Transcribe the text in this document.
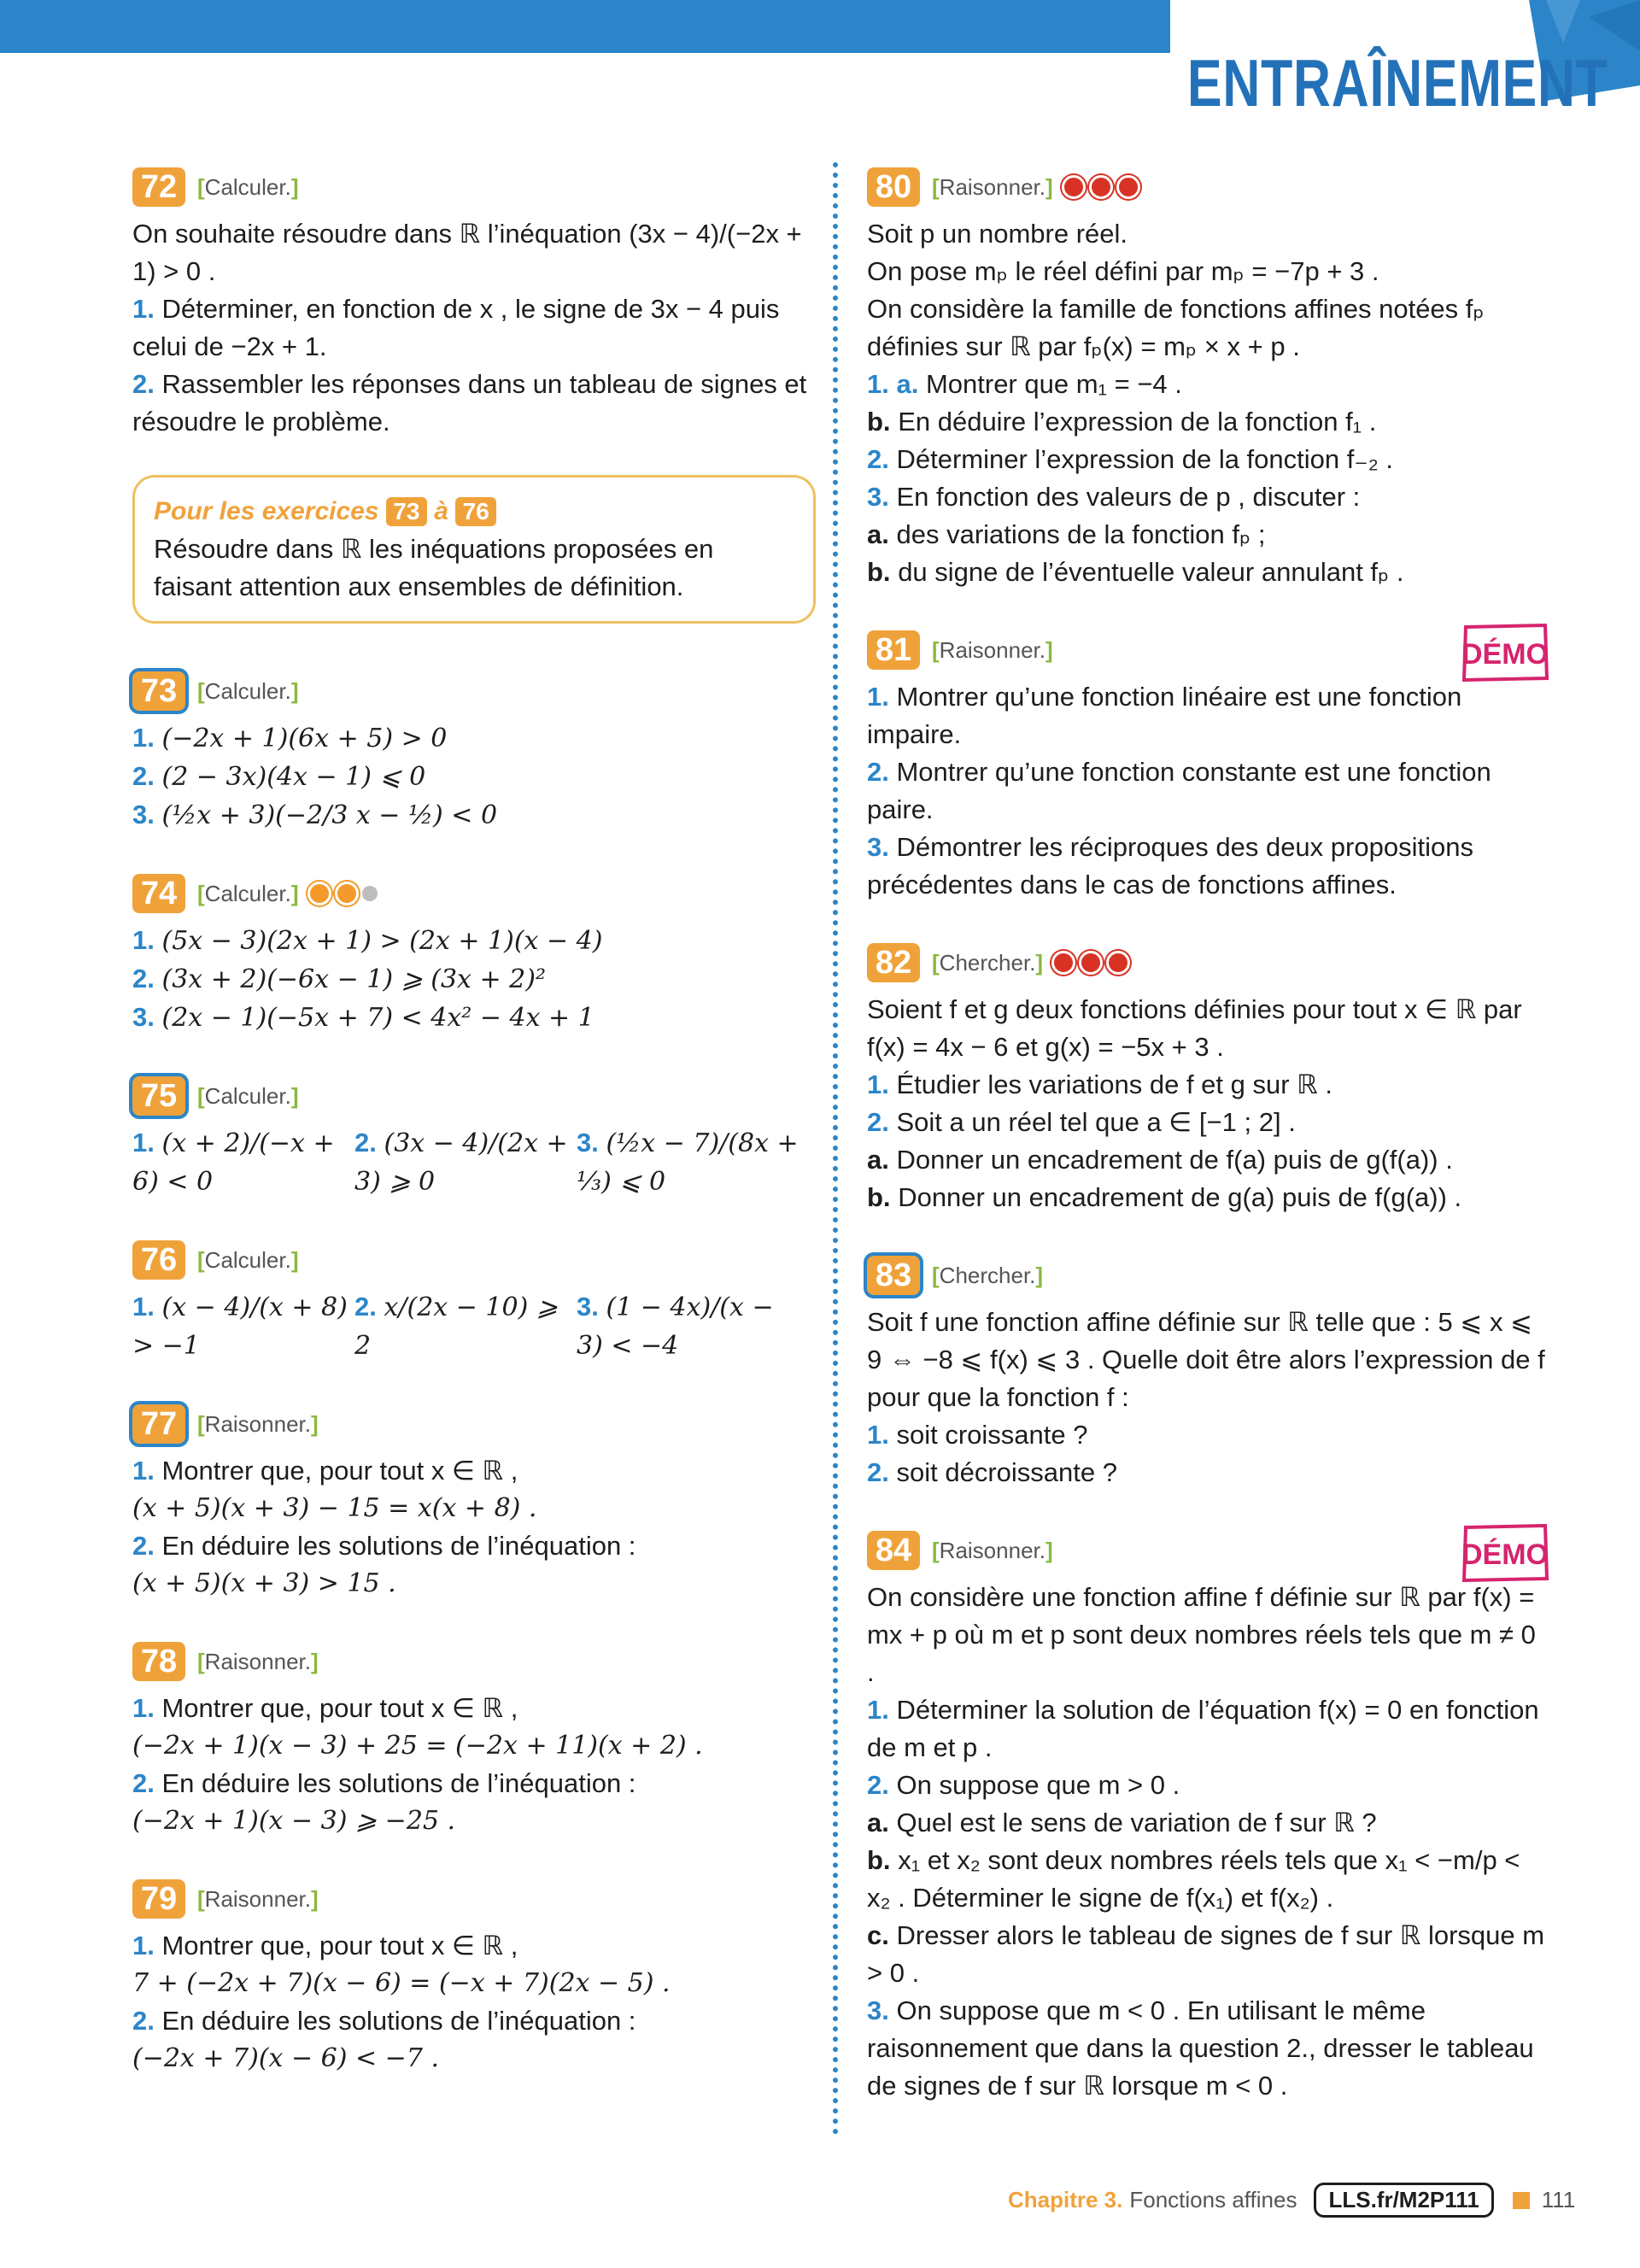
ENTRAÎNEMENT
72 [Calculer.]
On souhaite résoudre dans ℝ l’inéquation (3x − 4)/(−2x + 1) > 0 .
1. Déterminer, en fonction de x , le signe de 3x − 4 puis celui de −2x + 1.
2. Rassembler les réponses dans un tableau de signes et résoudre le problème.
Pour les exercices 73 à 76
Résoudre dans ℝ les inéquations proposées en faisant attention aux ensembles de définition.
73 [Calculer.]
1. (−2x + 1)(6x + 5) > 0
2. (2 − 3x)(4x − 1) ⩽ 0
3. (½x + 3)(−2/3 x − ½) < 0
74 [Calculer.]
1. (5x − 3)(2x + 1) > (2x + 1)(x − 4)
2. (3x + 2)(−6x − 1) ⩾ (3x + 2)²
3. (2x − 1)(−5x + 7) < 4x² − 4x + 1
75 [Calculer.]
1. (x + 2)/(−x + 6) < 0
2. (3x − 4)/(2x + 3) ⩾ 0
3. (½x − 7)/(8x + ⅓) ⩽ 0
76 [Calculer.]
1. (x − 4)/(x + 8) > −1
2. x/(2x − 10) ⩾ 2
3. (1 − 4x)/(x − 3) < −4
77 [Raisonner.]
1. Montrer que, pour tout x ∈ ℝ ,
(x + 5)(x + 3) − 15 = x(x + 8) .
2. En déduire les solutions de l’inéquation :
(x + 5)(x + 3) > 15 .
78 [Raisonner.]
1. Montrer que, pour tout x ∈ ℝ ,
(−2x + 1)(x − 3) + 25 = (−2x + 11)(x + 2) .
2. En déduire les solutions de l’inéquation :
(−2x + 1)(x − 3) ⩾ −25 .
79 [Raisonner.]
1. Montrer que, pour tout x ∈ ℝ ,
7 + (−2x + 7)(x − 6) = (−x + 7)(2x − 5) .
2. En déduire les solutions de l’inéquation :
(−2x + 7)(x − 6) < −7 .
80 [Raisonner.]
Soit p un nombre réel.
On pose mₚ le réel défini par mₚ = −7p + 3 .
On considère la famille de fonctions affines notées fₚ définies sur ℝ par fₚ(x) = mₚ × x + p .
1. a. Montrer que m₁ = −4 .
b. En déduire l’expression de la fonction f₁ .
2. Déterminer l’expression de la fonction f₋₂ .
3. En fonction des valeurs de p , discuter :
a. des variations de la fonction fₚ ;
b. du signe de l’éventuelle valeur annulant fₚ .
DÉMO
81 [Raisonner.]
1. Montrer qu’une fonction linéaire est une fonction impaire.
2. Montrer qu’une fonction constante est une fonction paire.
3. Démontrer les réciproques des deux propositions précédentes dans le cas de fonctions affines.
82 [Chercher.]
Soient f et g deux fonctions définies pour tout x ∈ ℝ par f(x) = 4x − 6 et g(x) = −5x + 3 .
1. Étudier les variations de f et g sur ℝ .
2. Soit a un réel tel que a ∈ [−1 ; 2] .
a. Donner un encadrement de f(a) puis de g(f(a)) .
b. Donner un encadrement de g(a) puis de f(g(a)) .
83 [Chercher.]
Soit f une fonction affine définie sur ℝ telle que : 5 ⩽ x ⩽ 9 ⇔ −8 ⩽ f(x) ⩽ 3 . Quelle doit être alors l’expression de f pour que la fonction f :
1. soit croissante ?
2. soit décroissante ?
DÉMO
84 [Raisonner.]
On considère une fonction affine f définie sur ℝ par f(x) = mx + p où m et p sont deux nombres réels tels que m ≠ 0 .
1. Déterminer la solution de l’équation f(x) = 0 en fonction de m et p .
2. On suppose que m > 0 .
a. Quel est le sens de variation de f sur ℝ ?
b. x₁ et x₂ sont deux nombres réels tels que x₁ < −m/p < x₂ . Déterminer le signe de f(x₁) et f(x₂) .
c. Dresser alors le tableau de signes de f sur ℝ lorsque m > 0 .
3. On suppose que m < 0 . En utilisant le même raisonnement que dans la question 2., dresser le tableau de signes de f sur ℝ lorsque m < 0 .
Chapitre 3. Fonctions affines	LLS.fr/M2P111	111
